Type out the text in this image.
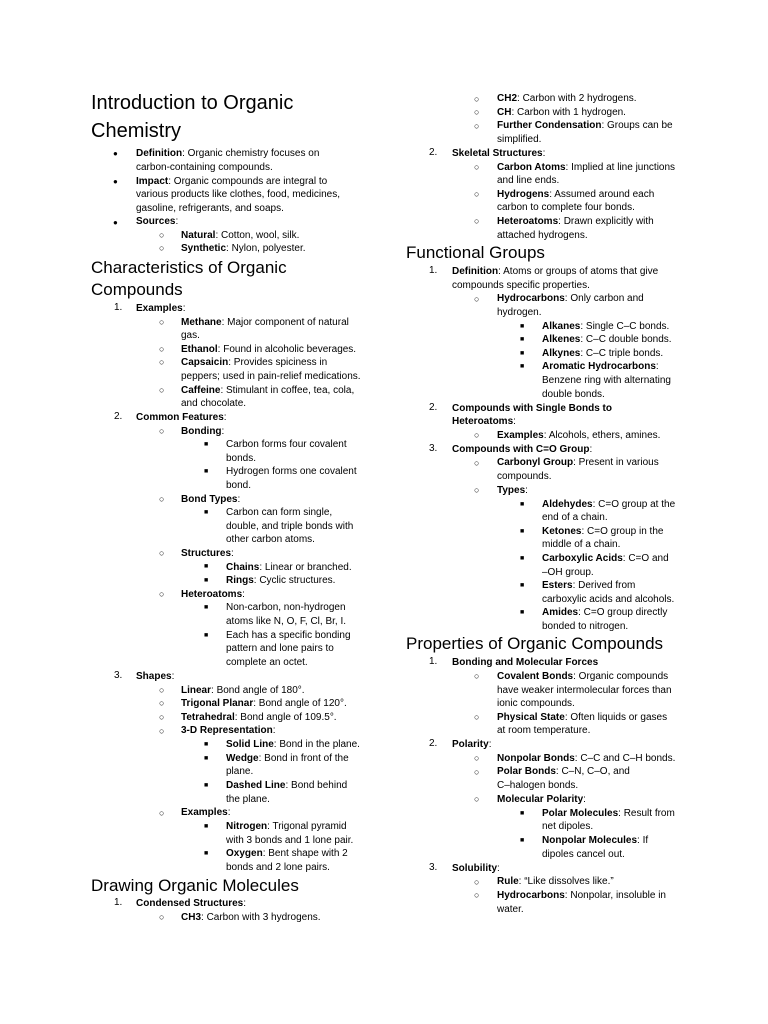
Introduction to Organic
Chemistry
● Definition: Organic chemistry focuses on
carbon-containing compounds.
● Impact: Organic compounds are integral to
various products like clothes, food, medicines,
gasoline, refrigerants, and soaps.
● Sources:
○ Natural: Cotton, wool, silk.
○ Synthetic: Nylon, polyester.
Characteristics of Organic
Compounds
1. Examples:
○ Methane: Major component of natural
gas.
○ Ethanol: Found in alcoholic beverages.
○ Capsaicin: Provides spiciness in
peppers; used in pain-relief medications.
○ Caffeine: Stimulant in coffee, tea, cola,
and chocolate.
2. Common Features:
○ Bonding:
■ Carbon forms four covalent
bonds.
■ Hydrogen forms one covalent
bond.
○ Bond Types:
■ Carbon can form single,
double, and triple bonds with
other carbon atoms.
○ Structures:
■ Chains: Linear or branched.
■ Rings: Cyclic structures.
○ Heteroatoms:
■ Non-carbon, non-hydrogen
atoms like N, O, F, Cl, Br, I.
■ Each has a specific bonding
pattern and lone pairs to
complete an octet.
3. Shapes:
○ Linear: Bond angle of 180°.
○ Trigonal Planar: Bond angle of 120°.
○ Tetrahedral: Bond angle of 109.5°.
○ 3-D Representation:
■ Solid Line: Bond in the plane.
■ Wedge: Bond in front of the
plane.
■ Dashed Line: Bond behind
the plane.
○ Examples:
■ Nitrogen: Trigonal pyramid
with 3 bonds and 1 lone pair.
■ Oxygen: Bent shape with 2
bonds and 2 lone pairs.
Drawing Organic Molecules
1. Condensed Structures:
○ CH3: Carbon with 3 hydrogens.
○ CH2: Carbon with 2 hydrogens.
○ CH: Carbon with 1 hydrogen.
○ Further Condensation: Groups can be
simplified.
2. Skeletal Structures:
○ Carbon Atoms: Implied at line junctions
and line ends.
○ Hydrogens: Assumed around each
carbon to complete four bonds.
○ Heteroatoms: Drawn explicitly with
attached hydrogens.
Functional Groups
1. Definition: Atoms or groups of atoms that give
compounds specific properties.
○ Hydrocarbons: Only carbon and
hydrogen.
■ Alkanes: Single C–C bonds.
■ Alkenes: C–C double bonds.
■ Alkynes: C–C triple bonds.
■ Aromatic Hydrocarbons:
Benzene ring with alternating
double bonds.
2. Compounds with Single Bonds to
Heteroatoms:
○ Examples: Alcohols, ethers, amines.
3. Compounds with C=O Group:
○ Carbonyl Group: Present in various
compounds.
○ Types:
■ Aldehydes: C=O group at the
end of a chain.
■ Ketones: C=O group in the
middle of a chain.
■ Carboxylic Acids: C=O and
–OH group.
■ Esters: Derived from
carboxylic acids and alcohols.
■ Amides: C=O group directly
bonded to nitrogen.
Properties of Organic Compounds
1. Bonding and Molecular Forces
○ Covalent Bonds: Organic compounds
have weaker intermolecular forces than
ionic compounds.
○ Physical State: Often liquids or gases
at room temperature.
2. Polarity:
○ Nonpolar Bonds: C–C and C–H bonds.
○ Polar Bonds: C–N, C–O, and
C–halogen bonds.
○ Molecular Polarity:
■ Polar Molecules: Result from
net dipoles.
■ Nonpolar Molecules: If
dipoles cancel out.
3. Solubility:
○ Rule: “Like dissolves like.”
○ Hydrocarbons: Nonpolar, insoluble in
water.
